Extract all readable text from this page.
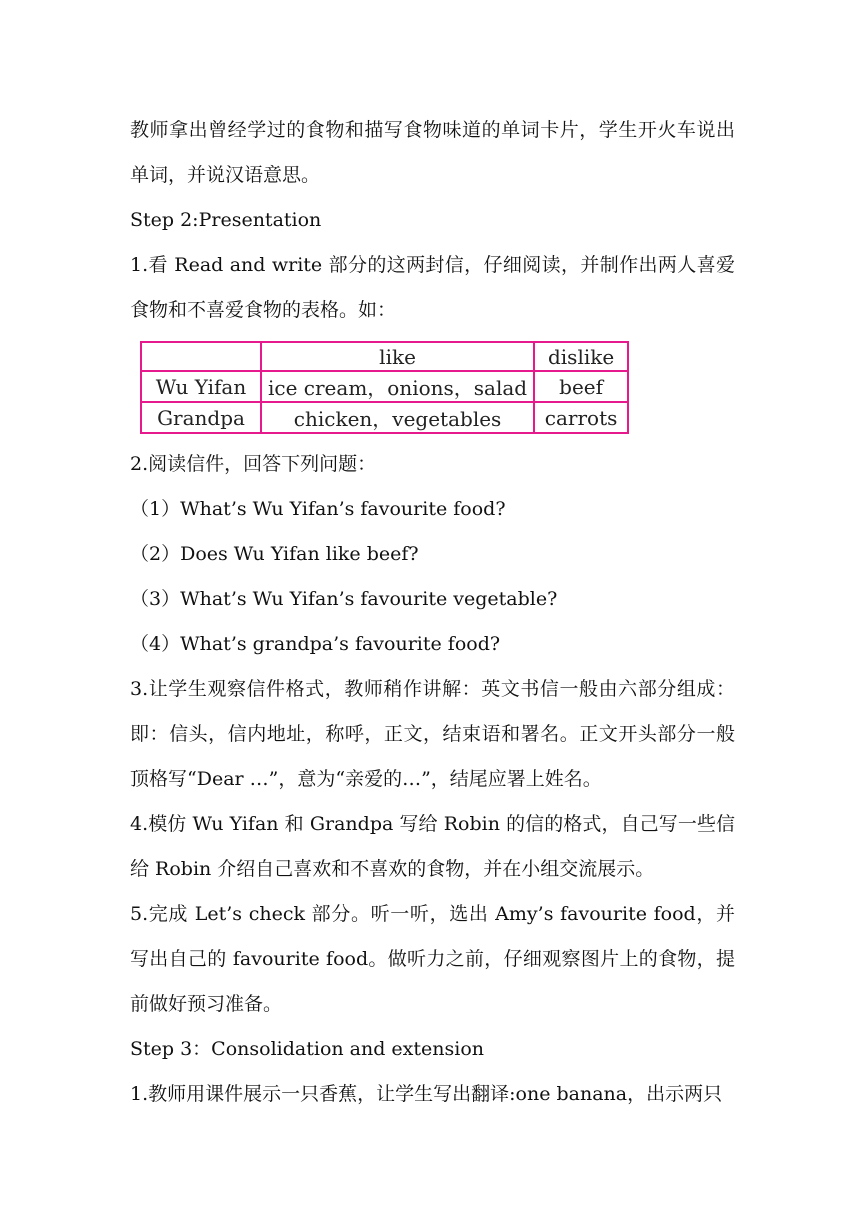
教师拿出曾经学过的食物和描写食物味道的单词卡片，学生开火车说出单词，并说汉语意思。

Step 2:Presentation

1.看 Read and write 部分的这两封信，仔细阅读，并制作出两人喜爱食物和不喜爱食物的表格。如：

	like	dislike
Wu Yifan	ice cream，onions，salad	beef
Grandpa	chicken，vegetables	carrots

2.阅读信件，回答下列问题：

（1）What’s Wu Yifan’s favourite food?

（2）Does Wu Yifan like beef?

（3）What’s Wu Yifan’s favourite vegetable?

（4）What’s grandpa’s favourite food?

3.让学生观察信件格式，教师稍作讲解：英文书信一般由六部分组成：即：信头，信内地址，称呼，正文，结束语和署名。正文开头部分一般顶格写“Dear …”，意为“亲爱的…”，结尾应署上姓名。

4.模仿 Wu Yifan 和 Grandpa 写给 Robin 的信的格式，自己写一些信给 Robin 介绍自己喜欢和不喜欢的食物，并在小组交流展示。

5.完成 Let’s check 部分。听一听，选出 Amy’s favourite food，并写出自己的 favourite food。做听力之前，仔细观察图片上的食物，提前做好预习准备。

Step 3：Consolidation and extension

1.教师用课件展示一只香蕉，让学生写出翻译:one banana，出示两只
